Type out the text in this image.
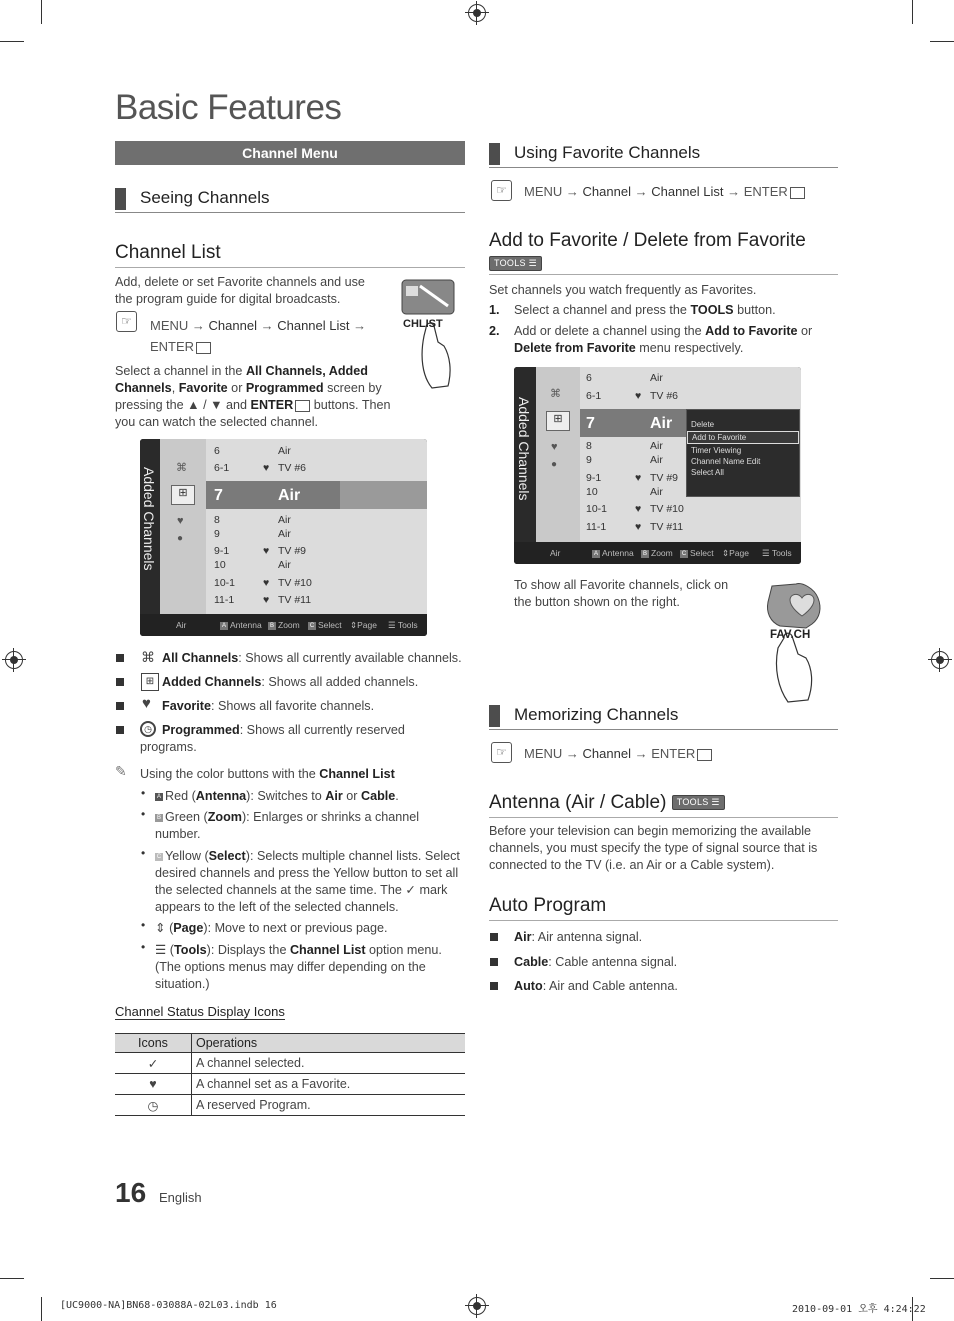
Basic Features
Channel Menu
Seeing Channels
Channel List
Add, delete or set Favorite channels and use the program guide for digital broadcasts.
☞	MENU → Channel → Channel List →
ENTER
CHLIST
Select a channel in the All Channels, Added Channels, Favorite or Programmed screen by pressing the ▲ / ▼ and ENTER buttons. Then you can watch the selected channel.
Added Channels ⌘
⊞
♥
●
6	Air
6-1	♥ TV #6
7	Air
8	Air
9	Air
9-1	♥ TV #9
10	Air
10-1	♥ TV #10
11-1	♥ TV #11
Air	A Antenna	B Zoom	C Select ⇕Page ☰ Tools
⌘ All Channels: Shows all currently available channels.
⊞ Added Channels: Shows all added channels.
♥ Favorite: Shows all favorite channels.
◷ Programmed: Shows all currently reserved programs.
✎ Using the color buttons with the Channel List
•	A Red (Antenna): Switches to Air or Cable.
•	B Green (Zoom): Enlarges or shrinks a channel number.
•	C Yellow (Select): Selects multiple channel lists. Select desired channels and press the Yellow button to set all the selected channels at the same time. The ✓ mark appears to the left of the selected channels.
• ⇕ (Page): Move to next or previous page.
• ☰ (Tools): Displays the Channel List option menu. (The options menus may differ depending on the situation.)
Channel Status Display Icons
Icons	Operations
✓	A channel selected.
♥	A channel set as a Favorite.
◷	A reserved Program.
16 English
Using Favorite Channels
☞	MENU → Channel → Channel List → ENTER
Add to Favorite / Delete from Favorite
TOOLS ☰
Set channels you watch frequently as Favorites.
1.	Select a channel and press the TOOLS button.
2.	Add or delete a channel using the Add to Favorite or Delete from Favorite menu respectively.
Added Channels
⌘
⊞
♥
●
6	Air
6-1	♥ TV #6
7	Air
8	Air
9	Air
9-1	♥ TV #9
10	Air
10-1	♥ TV #10
11-1	♥ TV #11
Delete
Add to Favorite
Timer Viewing
Channel Name Edit
Select All
Air	A Antenna	B Zoom	C Select ⇕Page ☰ Tools
To show all Favorite channels, click on the button shown on the right.
FAV.CH
Memorizing Channels
☞	MENU → Channel → ENTER
Antenna (Air / Cable) TOOLS ☰
Before your television can begin memorizing the available channels, you must specify the type of signal source that is connected to the TV (i.e. an Air or a Cable system).
Auto Program
Air: Air antenna signal.
Cable: Cable antenna signal.
Auto: Air and Cable antenna.
[UC9000-NA]BN68-03088A-02L03.indb 16	2010-09-01 오후 4:24:22
